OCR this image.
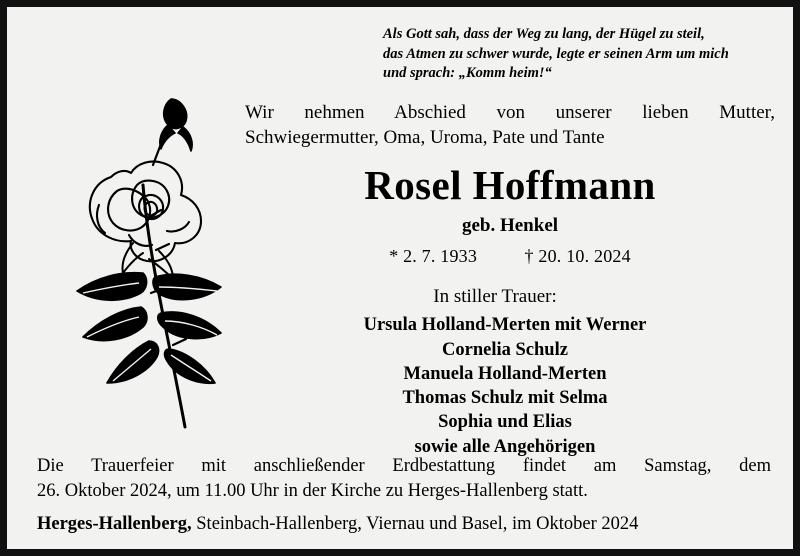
Als Gott sah, dass der Weg zu lang, der Hügel zu steil,
das Atmen zu schwer wurde, legte er seinen Arm um mich
und sprach: „Komm heim!“
Wir nehmen Abschied von unserer lieben Mutter,
Schwiegermutter, Oma, Uroma, Pate und Tante
Rosel Hoffmann
geb. Henkel
* 2. 7. 1933	† 20. 10. 2024
In stiller Trauer:
Ursula Holland-Merten mit Werner
Cornelia Schulz
Manuela Holland-Merten
Thomas Schulz mit Selma
Sophia und Elias
sowie alle Angehörigen
Die Trauerfeier mit anschließender Erdbestattung findet am Samstag, dem
26. Oktober 2024, um 11.00 Uhr in der Kirche zu Herges-Hallenberg statt.
Herges-Hallenberg, Steinbach-Hallenberg, Viernau und Basel, im Oktober 2024
